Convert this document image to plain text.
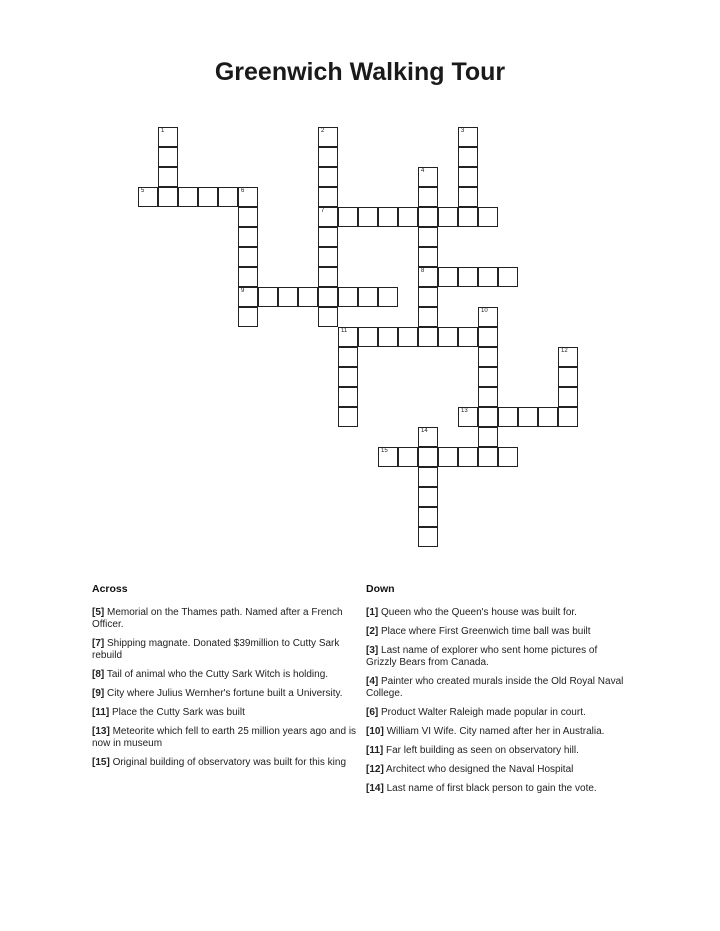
Greenwich Walking Tour
1	2
7
3
4
8
5	6
9
10
11
12
13
14
15
Across
[5] Memorial on the Thames path. Named after a French Officer.
[7] Shipping magnate. Donated $39million to Cutty Sark rebuild
[8] Tail of animal who the Cutty Sark Witch is holding.
[9] City where Julius Wernher's fortune built a University.
[11] Place the Cutty Sark was built
[13] Meteorite which fell to earth 25 million years ago and is now in museum
[15] Original building of observatory was built for this king
Down
[1] Queen who the Queen's house was built for.
[2] Place where First Greenwich time ball was built
[3] Last name of explorer who sent home pictures of Grizzly Bears from Canada.
[4] Painter who created murals inside the Old Royal Naval College.
[6] Product Walter Raleigh made popular in court.
[10] William VI Wife. City named after her in Australia.
[11] Far left building as seen on observatory hill.
[12] Architect who designed the Naval Hospital
[14] Last name of first black person to gain the vote.
